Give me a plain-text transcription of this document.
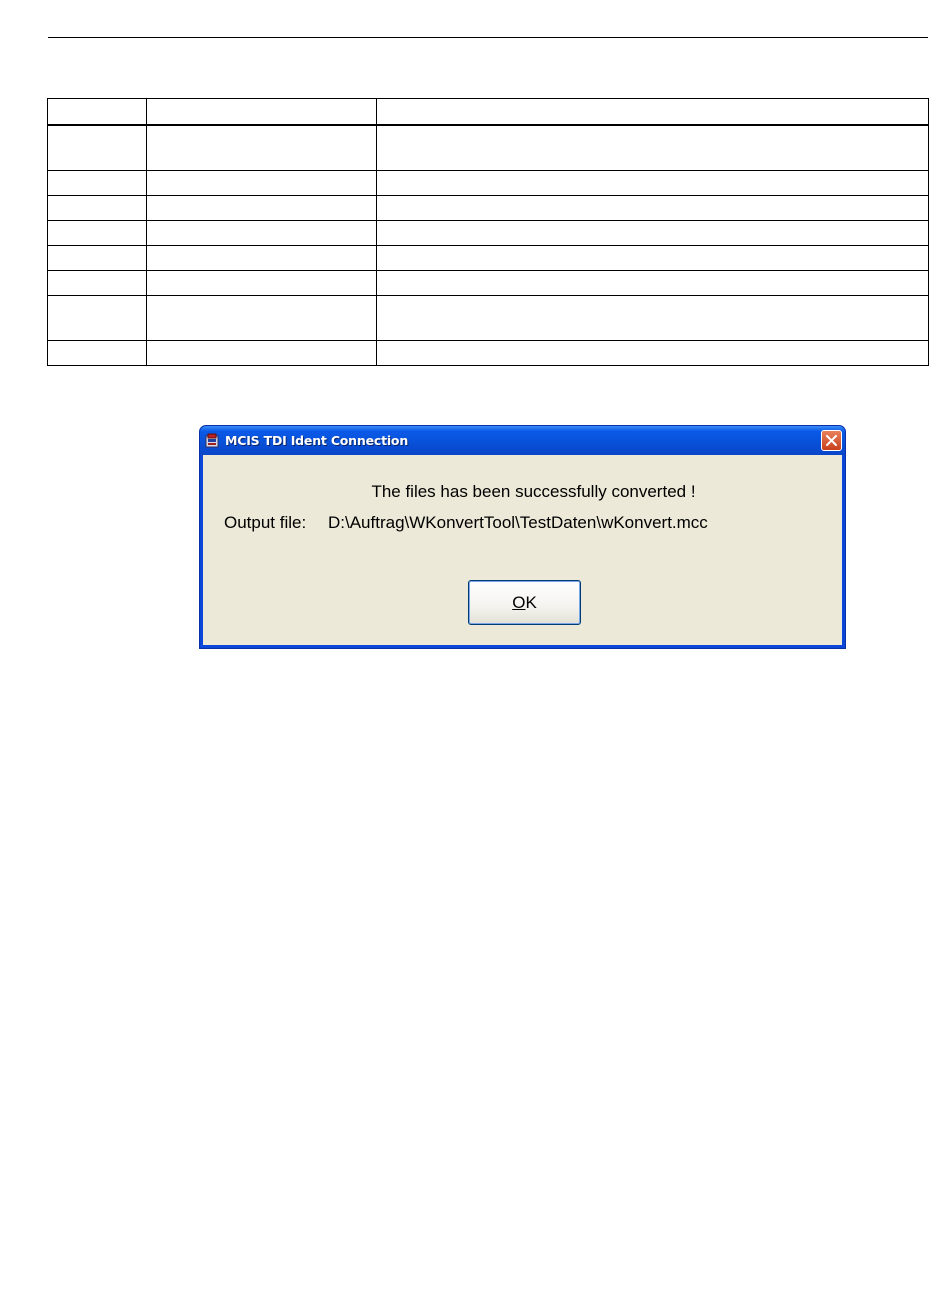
MCIS TDI Ident Connection
The files has been successfully converted !
Output file: D:\Auftrag\WKonvertTool\TestDaten\wKonvert.mcc
OK
